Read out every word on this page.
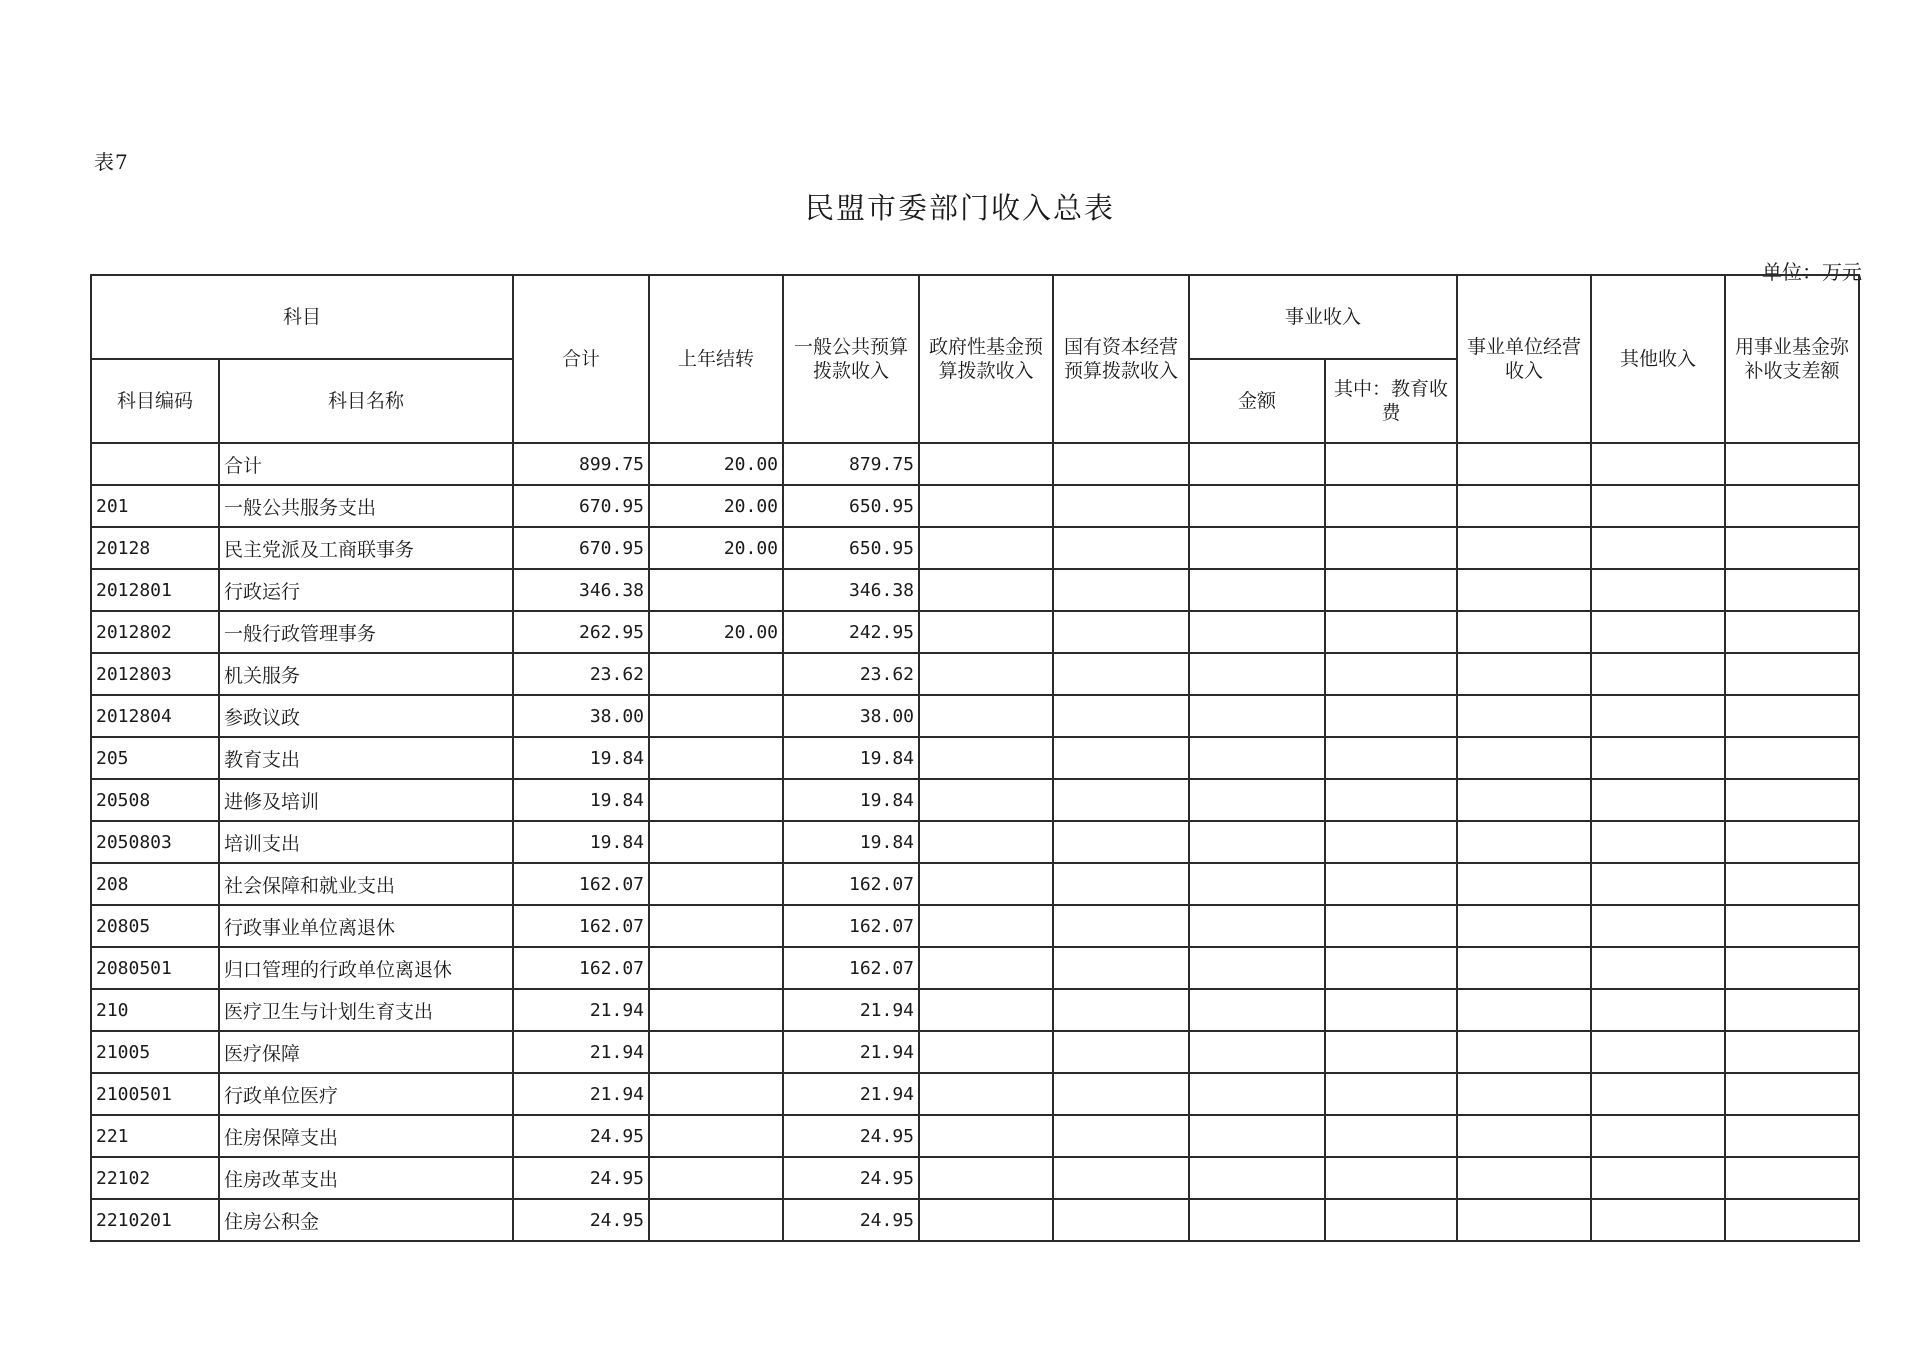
表7
民盟市委部门收入总表
单位：万元
科目		合计	上年结转	一般公共预算拨款收入	政府性基金预算拨款收入	国有资本经营预算拨款收入	事业收入		事业单位经营收入	其他收入	用事业基金弥补收支差额
科目编码	科目名称						金额	其中：教育收费			
	合计	899.75	20.00	879.75							
201	一般公共服务支出	670.95	20.00	650.95							
20128	民主党派及工商联事务	670.95	20.00	650.95							
2012801	行政运行	346.38		346.38							
2012802	一般行政管理事务	262.95	20.00	242.95							
2012803	机关服务	23.62		23.62							
2012804	参政议政	38.00		38.00							
205	教育支出	19.84		19.84							
20508	进修及培训	19.84		19.84							
2050803	培训支出	19.84		19.84							
208	社会保障和就业支出	162.07		162.07							
20805	行政事业单位离退休	162.07		162.07							
2080501	归口管理的行政单位离退休	162.07		162.07							
210	医疗卫生与计划生育支出	21.94		21.94							
21005	医疗保障	21.94		21.94							
2100501	行政单位医疗	21.94		21.94							
221	住房保障支出	24.95		24.95							
22102	住房改革支出	24.95		24.95							
2210201	住房公积金	24.95		24.95							
